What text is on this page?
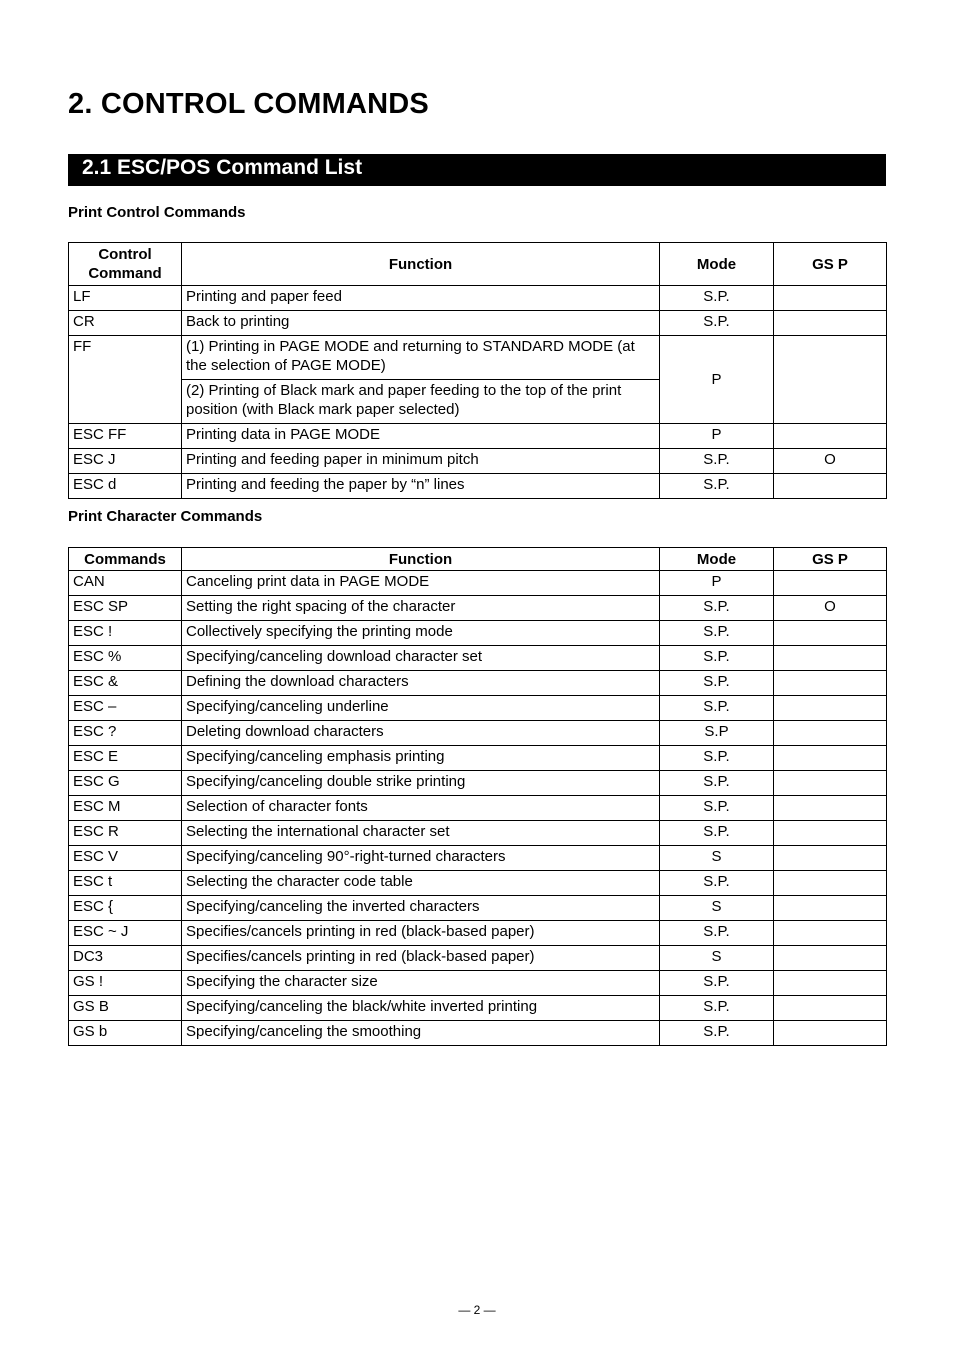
2. CONTROL COMMANDS
2.1 ESC/POS Command List
Print Control Commands
Control Command	Function	Mode	GS P
LF	Printing and paper feed	S.P.	
CR	Back to printing	S.P.	
FF	(1) Printing in PAGE MODE and returning to STANDARD MODE (at the selection of PAGE MODE)	P	
	(2) Printing of Black mark and paper feeding to the top of the print position (with Black mark paper selected)		
ESC FF	Printing data in PAGE MODE	P	
ESC J	Printing and feeding paper in minimum pitch	S.P.	O
ESC d	Printing and feeding the paper by “n” lines	S.P.	
Print Character Commands
Commands	Function	Mode	GS P
CAN	Canceling print data in PAGE MODE	P	
ESC SP	Setting the right spacing of the character	S.P.	O
ESC !	Collectively specifying the printing mode	S.P.	
ESC %	Specifying/canceling download character set	S.P.	
ESC &	Defining the download characters	S.P.	
ESC –	Specifying/canceling underline	S.P.	
ESC ?	Deleting download characters	S.P	
ESC E	Specifying/canceling emphasis printing	S.P.	
ESC G	Specifying/canceling double strike printing	S.P.	
ESC M	Selection of character fonts	S.P.	
ESC R	Selecting the international character set	S.P.	
ESC V	Specifying/canceling 90°-right-turned characters	S	
ESC t	Selecting the character code table	S.P.	
ESC {	Specifying/canceling the inverted characters	S	
ESC ~ J	Specifies/cancels printing in red (black-based paper)	S.P.	
DC3	Specifies/cancels printing in red (black-based paper)	S	
GS !	Specifying the character size	S.P.	
GS B	Specifying/canceling the black/white inverted printing	S.P.	
GS b	Specifying/canceling the smoothing	S.P.	
— 2 —
